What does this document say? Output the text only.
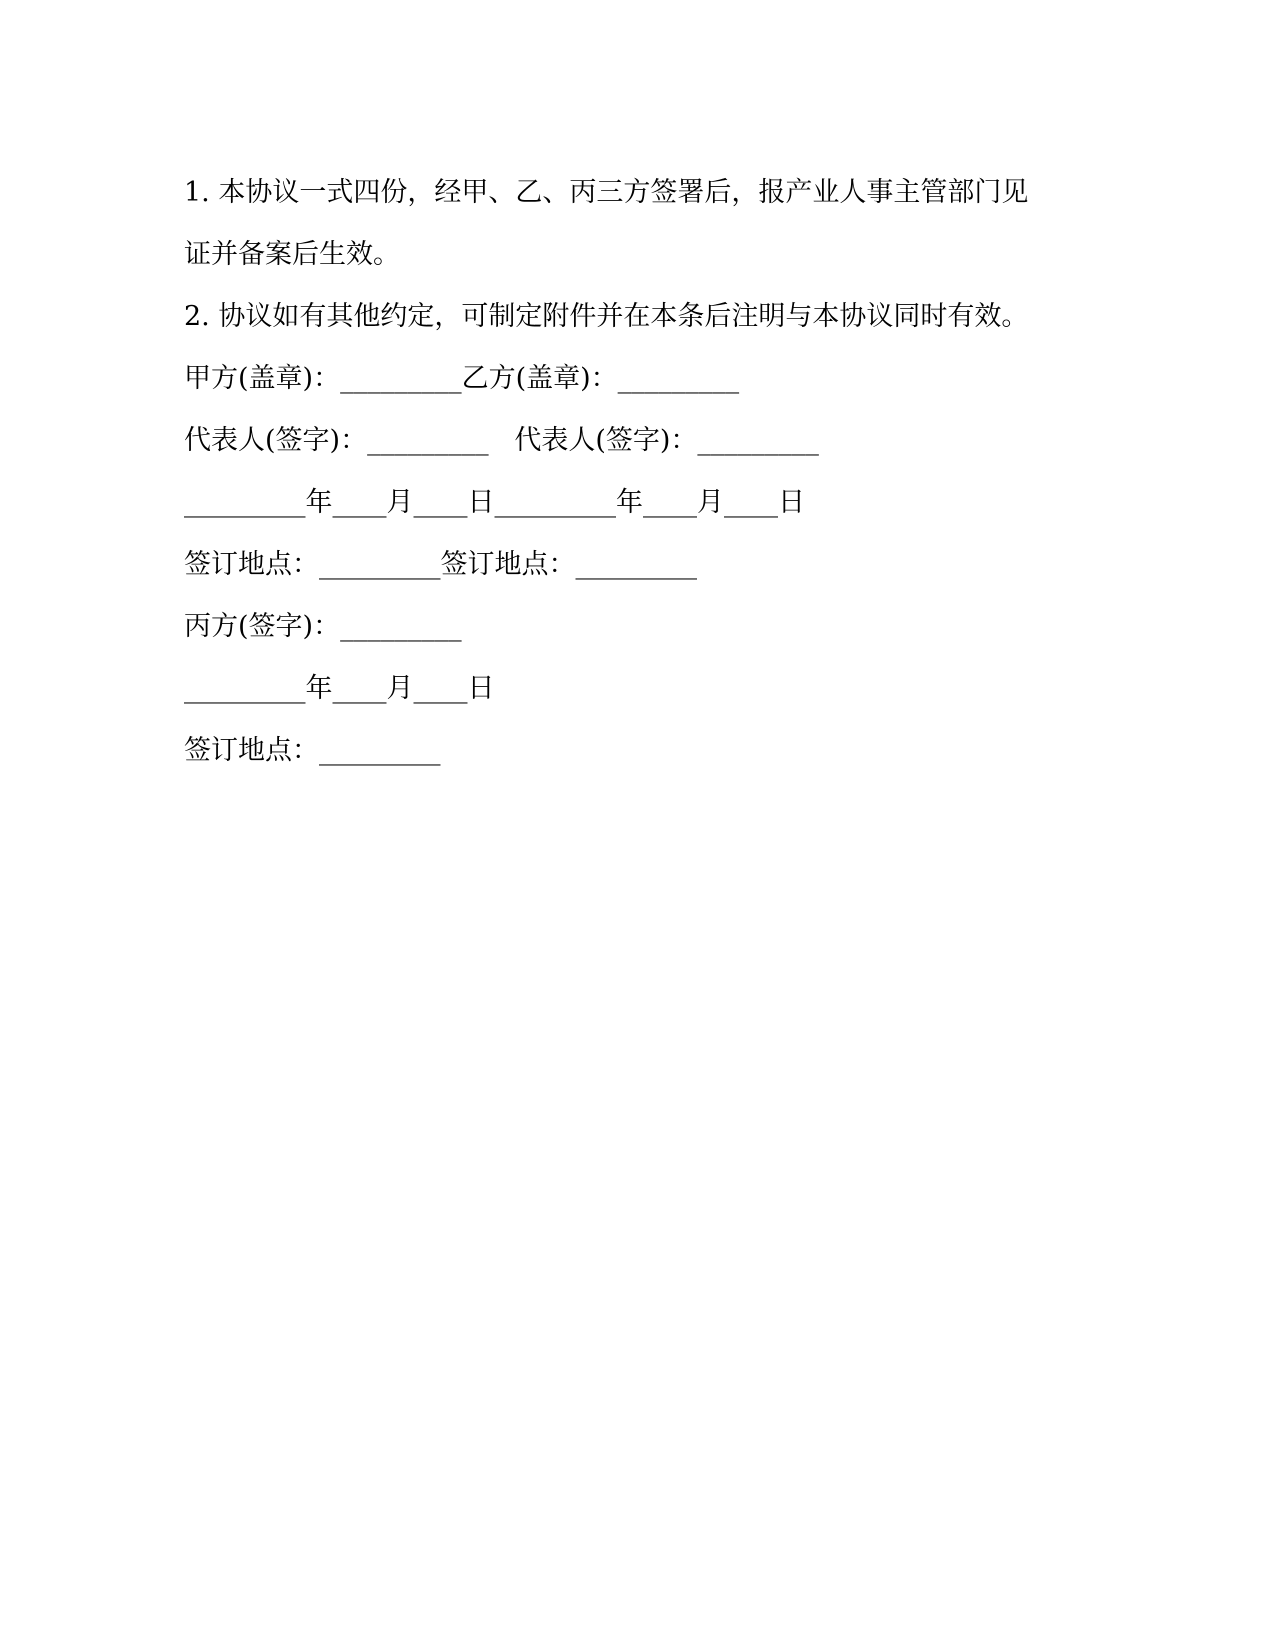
1. 本协议一式四份，经甲、乙、丙三方签署后，报产业人事主管部门见
证并备案后生效。
2. 协议如有其他约定，可制定附件并在本条后注明与本协议同时有效。
甲方(盖章)：_________乙方(盖章)：_________
代表人(签字)：_________   代表人(签字)：_________
_________年____月____日_________年____月____日
签订地点：_________签订地点：_________
丙方(签字)：_________
_________年____月____日
签订地点：_________
